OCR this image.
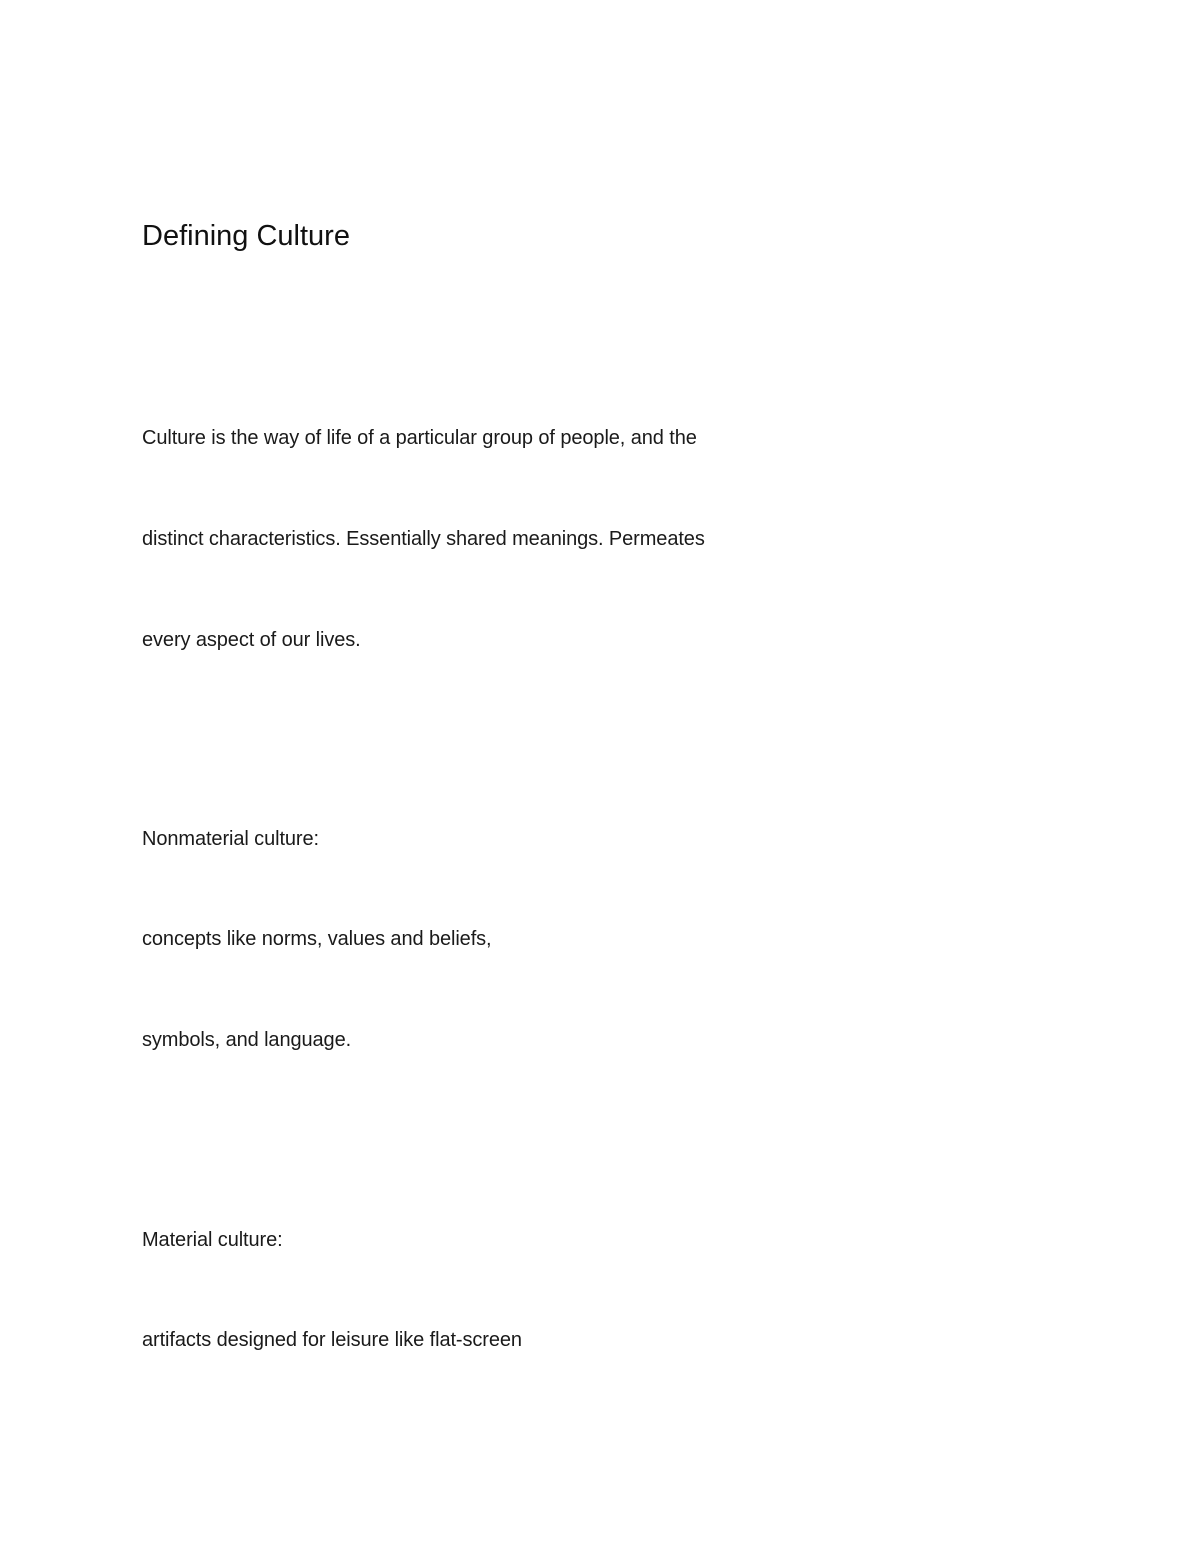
Defining Culture
Culture is the way of life of a particular group of people, and the
distinct characteristics. Essentially shared meanings. Permeates
every aspect of our lives.
Nonmaterial culture:
concepts like norms, values and beliefs,
symbols, and language.
Material culture:
artifacts designed for leisure like flat-screen
